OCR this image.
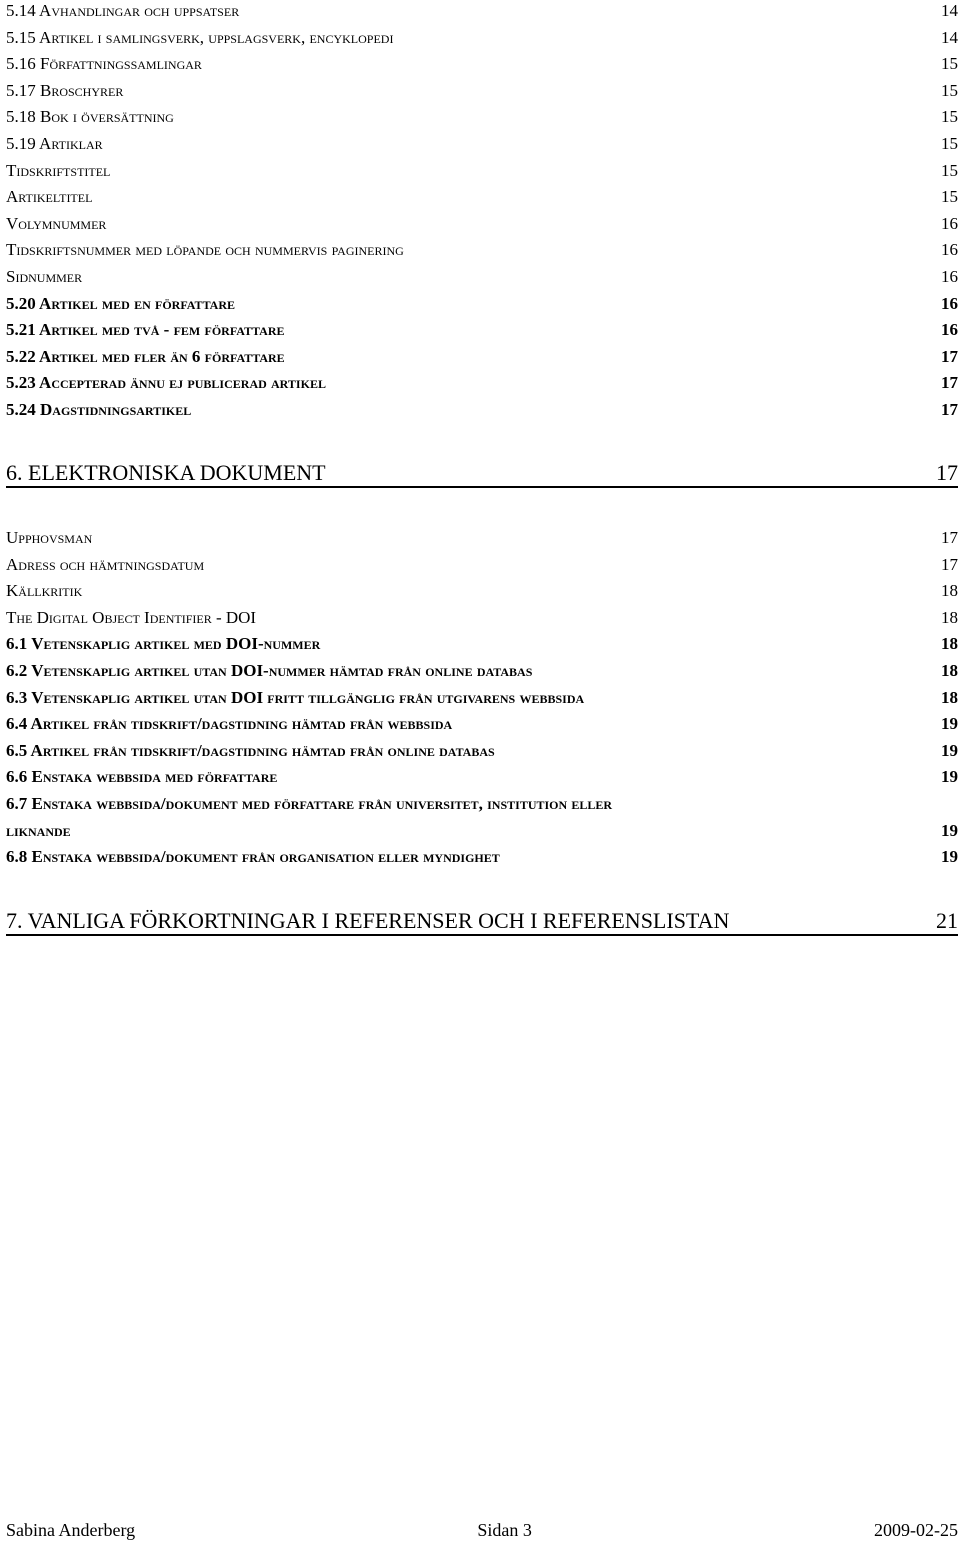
5.14 Avhandlingar och uppsatser	14
5.15 Artikel i samlingsverk, uppslagsverk, encyklopedi	14
5.16 Författningssamlingar	15
5.17 Broschyrer	15
5.18 Bok i översättning	15
5.19 Artiklar	15
Tidskriftstitel	15
Artikeltitel	15
Volymnummer	16
Tidskriftsnummer med löpande och nummervis paginering	16
Sidnummer	16
5.20 Artikel med en författare	16
5.21 Artikel med två - fem författare	16
5.22 Artikel med fler än 6 författare	17
5.23 Accepterad ännu ej publicerad artikel	17
5.24 Dagstidningsartikel	17
6. ELEKTRONISKA DOKUMENT	17
Upphovsman	17
Adress och hämtningsdatum	17
Källkritik	18
The Digital Object Identifier - DOI	18
6.1 Vetenskaplig artikel med DOI-nummer	18
6.2 Vetenskaplig artikel utan DOI-nummer hämtad från online databas	18
6.3 Vetenskaplig artikel utan DOI fritt tillgänglig från utgivarens webbsida	18
6.4 Artikel från tidskrift/dagstidning hämtad från webbsida	19
6.5 Artikel från tidskrift/dagstidning hämtad från online databas	19
6.6 Enstaka webbsida med författare	19
6.7 Enstaka webbsida/dokument med författare från universitet, institution eller
liknande	19
6.8 Enstaka webbsida/dokument från organisation eller myndighet	19
7. VANLIGA FÖRKORTNINGAR I REFERENSER OCH I REFERENSLISTAN	21
Sabina Anderberg	Sidan 3	2009-02-25
